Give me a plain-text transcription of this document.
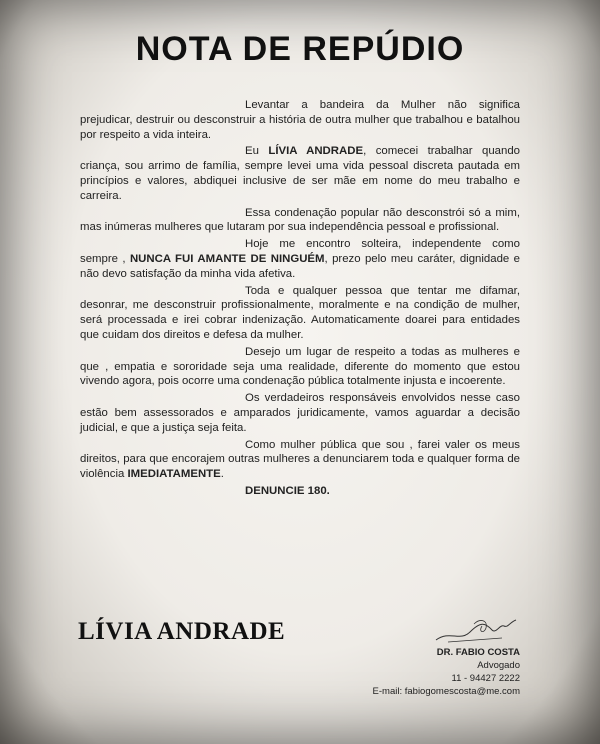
NOTA DE REPÚDIO

Levantar a bandeira da Mulher não significa prejudicar, destruir ou desconstruir a história de outra mulher que trabalhou e batalhou por respeito a vida inteira.

Eu LÍVIA ANDRADE, comecei trabalhar quando criança, sou arrimo de família, sempre levei uma vida pessoal discreta pautada em princípios e valores, abdiquei inclusive de ser mãe em nome do meu trabalho e carreira.

Essa condenação popular não desconstrói só a mim, mas inúmeras mulheres que lutaram por sua independência pessoal e profissional.

Hoje me encontro solteira, independente como sempre , NUNCA FUI AMANTE DE NINGUÉM, prezo pelo meu caráter, dignidade e não devo satisfação da minha vida afetiva.

Toda e qualquer pessoa que tentar me difamar, desonrar, me desconstruir profissionalmente, moralmente e na condição de mulher, será processada e irei cobrar indenização. Automaticamente doarei para entidades que cuidam dos direitos e defesa da mulher.

Desejo um lugar de respeito a todas as mulheres e que , empatia e sororidade seja uma realidade, diferente do momento que estou vivendo agora, pois ocorre uma condenação pública totalmente injusta e incoerente.

Os verdadeiros responsáveis envolvidos nesse caso estão bem assessorados e amparados juridicamente, vamos aguardar a decisão judicial, e que a justiça seja feita.

Como mulher pública que sou , farei valer os meus direitos, para que encorajem outras mulheres a denunciarem toda e qualquer forma de violência IMEDIATAMENTE.

DENUNCIE 180.

LÍVIA ANDRADE
DR. FABIO COSTA
Advogado
11 - 94427 2222
E-mail: fabiogomescosta@me.com
